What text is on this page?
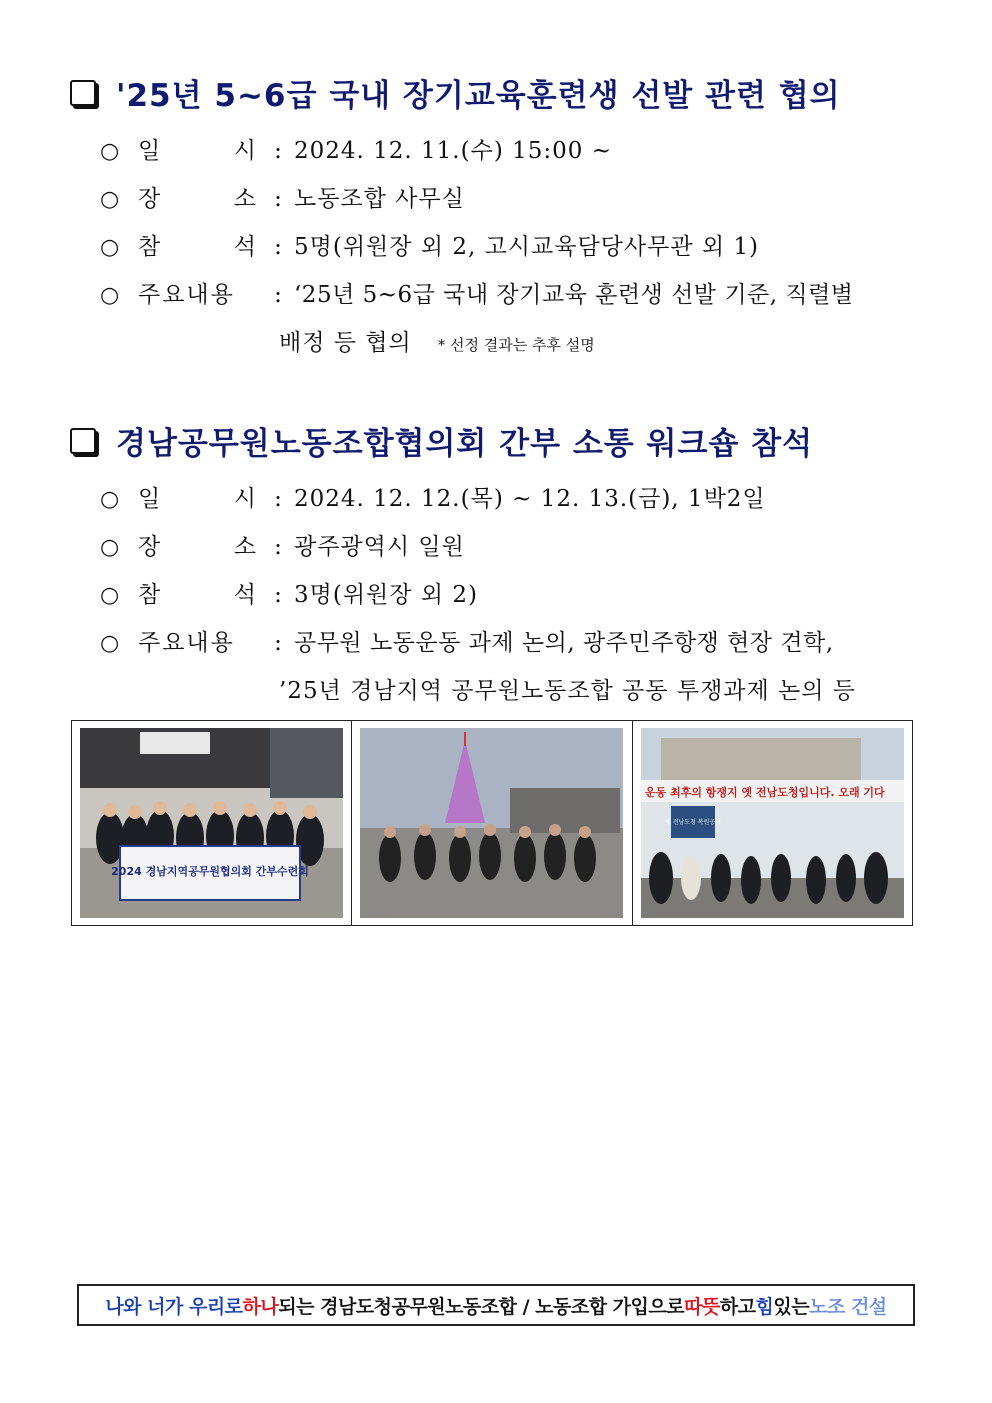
'25년 5~6급 국내 장기교육훈련생 선발 관련 협의
○ 일	시 : 2024. 12. 11.(수) 15:00 ~
○ 장	소 : 노동조합 사무실
○ 참	석 : 5명(위원장 외 2, 고시교육담당사무관 외 1)
○ 주요내용	: ‘25년 5~6급 국내 장기교육 훈련생 선발 기준, 직렬별
배정 등 협의 * 선정 결과는 추후 설명
경남공무원노동조합협의회 간부 소통 워크숍 참석
○ 일	시 : 2024. 12. 12.(목) ~ 12. 13.(금), 1박2일
○ 장	소 : 광주광역시 일원
○ 참	석 : 3명(위원장 외 2)
○ 주요내용	: 공무원 노동운동 과제 논의, 광주민주항쟁 현장 견학,
’25년 경남지역 공무원노동조합 공동 투쟁과제 논의 등
2024 경남지역공무원협의회 간부수련회
운동 최후의 항쟁지 옛 전남도청입니다. 오래 기다
옛 전남도청 복원공사
나와 너가 우리로 하나 되는 경남도청공무원노동조합 / 노동조합 가입으로 따뜻 하고 힘 있는 노조 건설
